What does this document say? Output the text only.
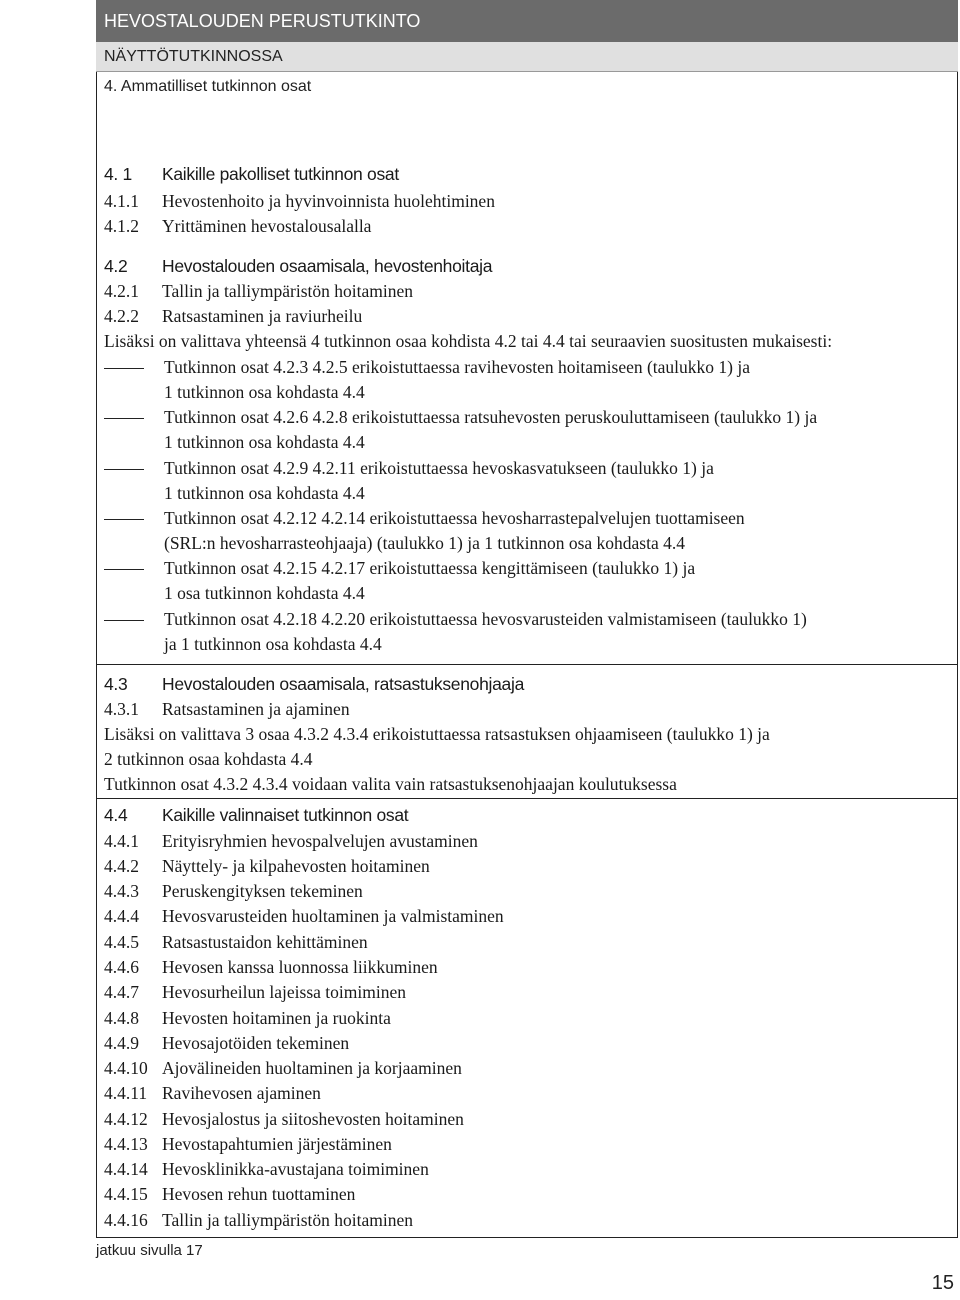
HEVOSTALOUDEN PERUSTUTKINTO
NÄYTTÖTUTKINNOSSA
4. Ammatilliset tutkinnon osat
4. 1 Kaikille pakolliset tutkinnon osat
4.1.1 Hevostenhoito ja hyvinvoinnista huolehtiminen
4.1.2 Yrittäminen hevostalousalalla
4.2 Hevostalouden osaamisala, hevostenhoitaja
4.2.1 Tallin ja talliympäristön hoitaminen
4.2.2 Ratsastaminen ja raviurheilu
Lisäksi on valittava yhteensä 4 tutkinnon osaa kohdista 4.2 tai 4.4 tai seuraavien suositusten mukaisesti:
Tutkinnon osat 4.2.3 4.2.5 erikoistuttaessa ravihevosten hoitamiseen (taulukko 1) ja
1 tutkinnon osa kohdasta 4.4
Tutkinnon osat 4.2.6 4.2.8 erikoistuttaessa ratsuhevosten peruskouluttamiseen (taulukko 1) ja
1 tutkinnon osa kohdasta 4.4
Tutkinnon osat 4.2.9 4.2.11 erikoistuttaessa hevoskasvatukseen (taulukko 1) ja
1 tutkinnon osa kohdasta 4.4
Tutkinnon osat 4.2.12 4.2.14 erikoistuttaessa hevosharrastepalvelujen tuottamiseen
(SRL:n hevosharrasteohjaaja) (taulukko 1) ja 1 tutkinnon osa kohdasta 4.4
Tutkinnon osat 4.2.15 4.2.17 erikoistuttaessa kengittämiseen (taulukko 1) ja
1 osa tutkinnon kohdasta 4.4
Tutkinnon osat 4.2.18 4.2.20 erikoistuttaessa hevosvarusteiden valmistamiseen (taulukko 1)
ja 1 tutkinnon osa kohdasta 4.4
4.3 Hevostalouden osaamisala, ratsastuksenohjaaja
4.3.1 Ratsastaminen ja ajaminen
Lisäksi on valittava 3 osaa 4.3.2 4.3.4 erikoistuttaessa ratsastuksen ohjaamiseen (taulukko 1) ja
2 tutkinnon osaa kohdasta 4.4
Tutkinnon osat 4.3.2 4.3.4 voidaan valita vain ratsastuksenohjaajan koulutuksessa
4.4 Kaikille valinnaiset tutkinnon osat
4.4.1 Erityisryhmien hevospalvelujen avustaminen
4.4.2 Näyttely- ja kilpahevosten hoitaminen
4.4.3 Peruskengityksen tekeminen
4.4.4 Hevosvarusteiden huoltaminen ja valmistaminen
4.4.5 Ratsastustaidon kehittäminen
4.4.6 Hevosen kanssa luonnossa liikkuminen
4.4.7 Hevosurheilun lajeissa toimiminen
4.4.8 Hevosten hoitaminen ja ruokinta
4.4.9 Hevosajotöiden tekeminen
4.4.10 Ajovälineiden huoltaminen ja korjaaminen
4.4.11 Ravihevosen ajaminen
4.4.12 Hevosjalostus ja siitoshevosten hoitaminen
4.4.13 Hevostapahtumien järjestäminen
4.4.14 Hevosklinikka-avustajana toimiminen
4.4.15 Hevosen rehun tuottaminen
4.4.16 Tallin ja talliympäristön hoitaminen
jatkuu sivulla 17
15
